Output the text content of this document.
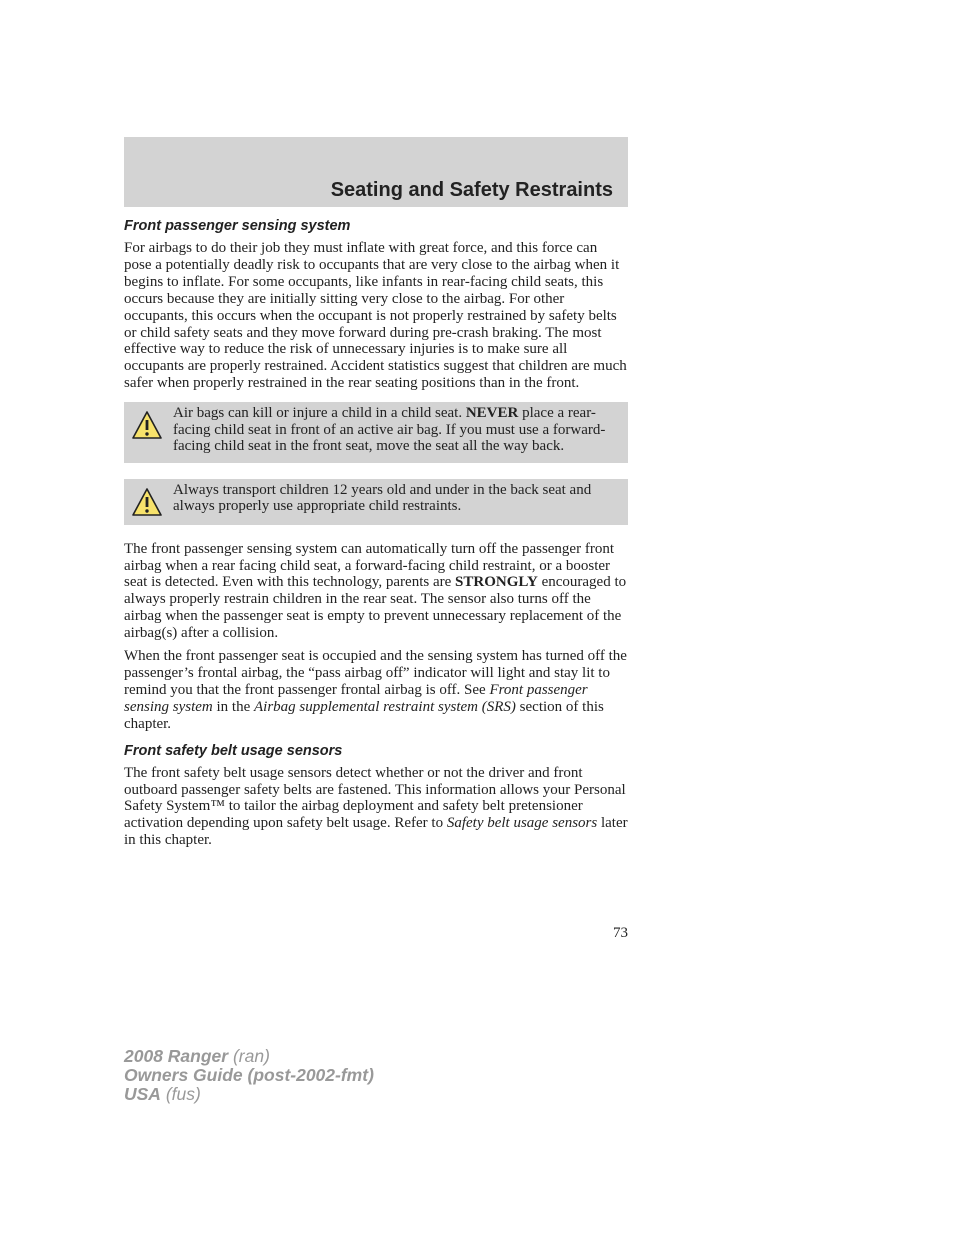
Seating and Safety Restraints
Front passenger sensing system

For airbags to do their job they must inflate with great force, and this force can pose a potentially deadly risk to occupants that are very close to the airbag when it begins to inflate. For some occupants, like infants in rear-facing child seats, this occurs because they are initially sitting very close to the airbag. For other occupants, this occurs when the occupant is not properly restrained by safety belts or child safety seats and they move forward during pre-crash braking. The most effective way to reduce the risk of unnecessary injuries is to make sure all occupants are properly restrained. Accident statistics suggest that children are much safer when properly restrained in the rear seating positions than in the front.

Air bags can kill or injure a child in a child seat. NEVER place a rear-facing child seat in front of an active air bag. If you must use a forward-facing child seat in the front seat, move the seat all the way back.
Always transport children 12 years old and under in the back seat and always properly use appropriate child restraints.

The front passenger sensing system can automatically turn off the passenger front airbag when a rear facing child seat, a forward-facing child restraint, or a booster seat is detected. Even with this technology, parents are STRONGLY encouraged to always properly restrain children in the rear seat. The sensor also turns off the airbag when the passenger seat is empty to prevent unnecessary replacement of the airbag(s) after a collision.

When the front passenger seat is occupied and the sensing system has turned off the passenger’s frontal airbag, the “pass airbag off” indicator will light and stay lit to remind you that the front passenger frontal airbag is off. See Front passenger sensing system in the Airbag supplemental restraint system (SRS) section of this chapter.

Front safety belt usage sensors

The front safety belt usage sensors detect whether or not the driver and front outboard passenger safety belts are fastened. This information allows your Personal Safety System™ to tailor the airbag deployment and safety belt pretensioner activation depending upon safety belt usage. Refer to Safety belt usage sensors later in this chapter.

73
2008 Ranger (ran)
Owners Guide (post-2002-fmt)
USA (fus)
